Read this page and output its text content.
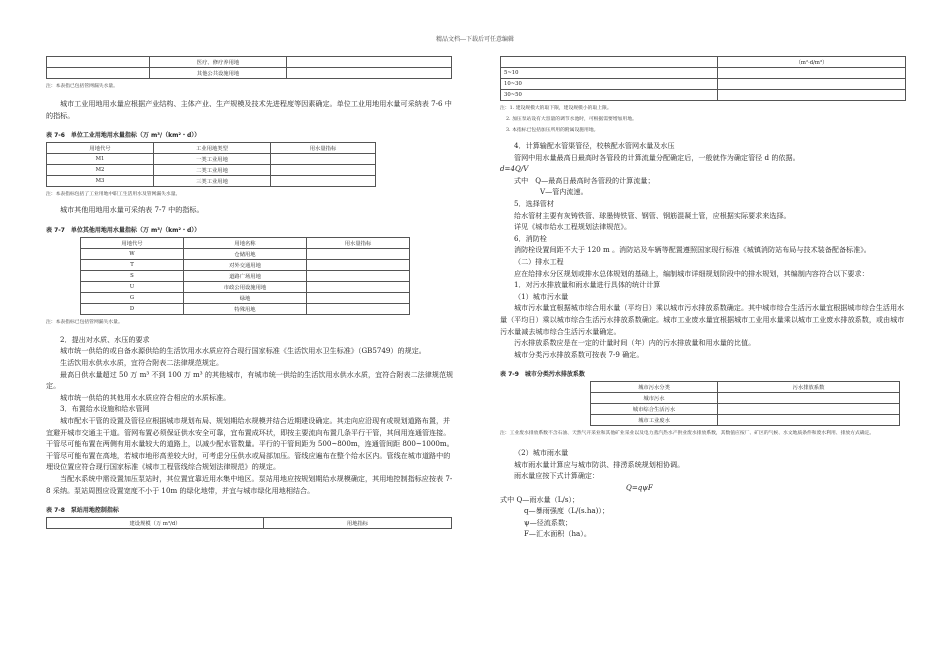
精品文档---下载后可任意编辑
	医疗、修疗养用地	
	其他公共设施用地	

注：本表指已包括管网漏失水量。

城市工业用地用水量应根据产业结构、主体产业、生产规模及技术先进程度等因素确定。单位工业用地用水量可采纳表 7-6 中的指标。

表 7-6　单位工业用地用水量指标（万 m³/（km²・d））
用地代号	工业用地类型	用水量指标
M1	一类工业用地	
M2	二类工业用地	
M3	三类工业用地	

注：本表指标包括了工业用地中职工生活用水及管网漏失水量。

城市其他用地用水量可采纳表 7-7 中的指标。

表 7-7　单位其他用地用水量指标（万 m³/（km²・d））
用地代号	用地名称	用水量指标
W	仓储用地	
T	对外交通用地	
S	道路广场用地	
U	市政公用设施用地	
G	绿地	
D	特殊用地	

注：本表指标已包括管网漏失水量。

2．提出对水质、水压的要求

城市统一供给的或自备水源供给的生活饮用水水质应符合现行国家标准《生活饮用水卫生标准》（GB5749）的规定。

生活饮用水供水水质，宜符合附表二法律规范规定。

最高日供水量超过 50 万 m³ 不到 100 万 m³ 的其他城市，有城市统一供给的生活饮用水供水水质，宜符合附表二法律规范规定。

城市统一供给的其他用水水质应符合相应的水质标准。

3．布置给水设施和给水管网

城市配水干管的设置及管径应根据城市规划布局、规划期给水规模并结合近期建设确定。其走向应沿现有或规划道路布置，并宜避开城市交通主干道。管网布置必须保证供水安全可靠，宜布置成环状，即按主要流向布置几条平行干管，其间用连通管连接。干管尽可能布置在两侧有用水量较大的道路上，以减少配水管数量。平行的干管间距为 500~800m，连通管间距 800~1000m。干管尽可能布置在高地，若城市地形高差较大时，可考虑分压供水或局部加压。管线应遍布在整个给水区内。管线在城市道路中的埋设位置应符合现行国家标准《城市工程管线综合规划法律规范》的规定。

当配水系统中需设置加压泵站时，其位置宜靠近用水集中地区。泵站用地应按规划期给水规模确定，其用地控制指标应按表 7-8 采纳。泵站周围应设置宽度不小于 10m 的绿化地带，并宜与城市绿化用地相结合。

表 7-8　泵站用地控制指标
建设规模（万 m³/d）	用地指标
	（m²·d/m³）
5~10	
10~30	
30~50	

注：1. 建设规模大的取下限，建设规模小的取上限。

2. 加压泵站设有大容量的调节水池时，可根据需要增加用地。

3. 本指标已包括加压所用的附属设施用地。

4．计算输配水管渠管径，校核配水管网水量及水压

管网中用水量最高日最高时各管段的计算流量分配确定后，一般就作为确定管径 d 的依据。

d=4Q/V

式中　Q—最高日最高时各管段的计算流量；

V—管内流速。

5．选择管材

给水管材主要有灰铸铁管、球墨铸铁管、钢管、钢筋混凝土管，应根据实际要求来选择。

详见《城市给水工程规划法律规范》。

6．消防栓

消防栓设置间距不大于 120 m 。消防站及车辆等配置遵照国家现行标准《城镇消防站布局与技术装备配备标准》。

（二）排水工程

应在给排水分区规划或排水总体规划的基础上，编制城市详细规划阶段中的排水规划，其编制内容符合以下要求：

1．对污水排放量和雨水量进行具体的统计计算

（1）城市污水量

城市污水量宜根据城市综合用水量（平均日）乘以城市污水排放系数确定。其中城市综合生活污水量宜根据城市综合生活用水量（平均日）乘以城市综合生活污水排放系数确定。城市工业废水量宜根据城市工业用水量乘以城市工业废水排放系数，或由城市污水量减去城市综合生活污水量确定。

污水排放系数应是在一定的计量时间（年）内的污水排放量和用水量的比值。

城市分类污水排放系数可按表 7-9 确定。

表 7-9　城市分类污水排放系数
城市污水分类	污水排放系数
城市污水	
城市综合生活污水	
城市工业废水	

注：工业废水排放系数不含石油、天然气开采业和其他矿业采业以及电力蒸汽热水产供业废水排放系数，其数值应按厂、矿区的气候、水文地质条件和废水利用、排放方式确定。

（2）城市雨水量

城市雨水量计算应与城市防洪、排涝系统规划相协调。

雨水量应按下式计算确定：

Q=qψF

式中 Q—雨水量（L/s）；

q—暴雨强度（L/(s.ha)）；

ψ—径流系数；

F—汇水面积（ha）。
